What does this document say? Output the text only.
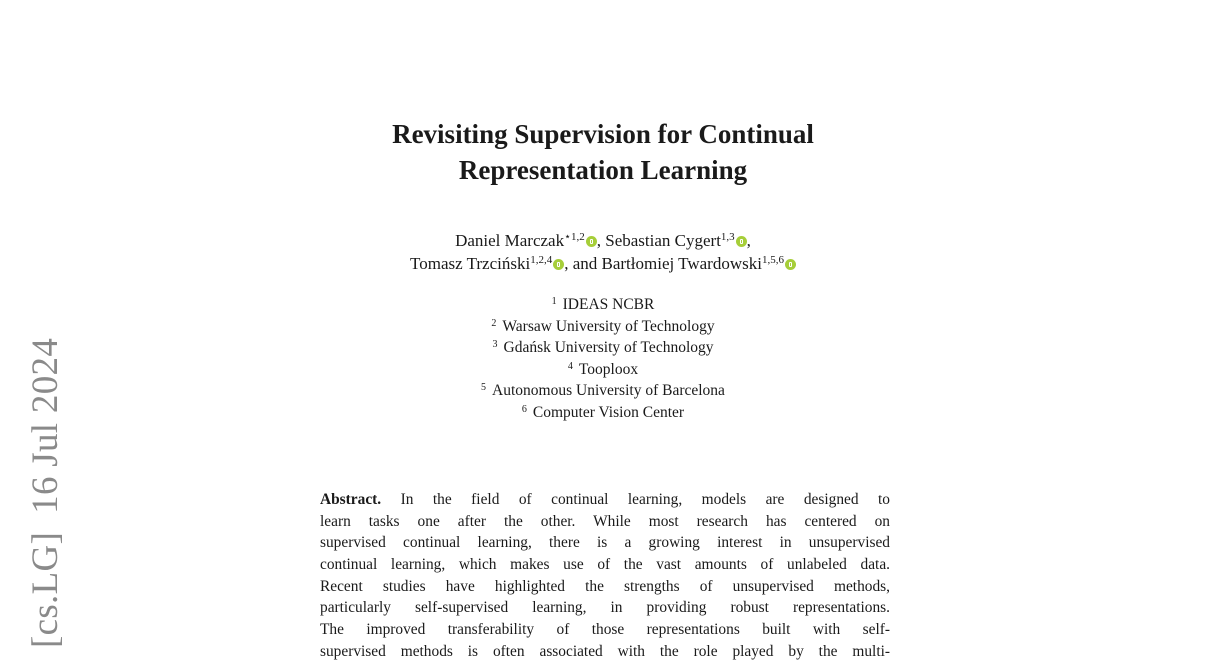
[cs.LG]16 Jul 2024
Revisiting Supervision for Continual
Representation Learning
Daniel Marczak$^{⋆1,2}$ , Sebastian Cygert$^{1,3}$ ,
Tomasz Trzciński$^{1,2,4}$ , and Bartłomiej Twardowski$^{1,5,6}$
$^1$ IDEAS NCBR
$^2$ Warsaw University of Technology
$^3$ Gdańsk University of Technology
$^4$ Tooploox
$^5$ Autonomous University of Barcelona
$^6$ Computer Vision Center
Abstract. In the field of continual learning, models are designed to
learn tasks one after the other. While most research has centered on
supervised continual learning, there is a growing interest in unsupervised
continual learning, which makes use of the vast amounts of unlabeled data.
Recent studies have highlighted the strengths of unsupervised methods,
particularly self-supervised learning, in providing robust representations.
The improved transferability of those representations built with self-
supervised methods is often associated with the role played by the multi-
